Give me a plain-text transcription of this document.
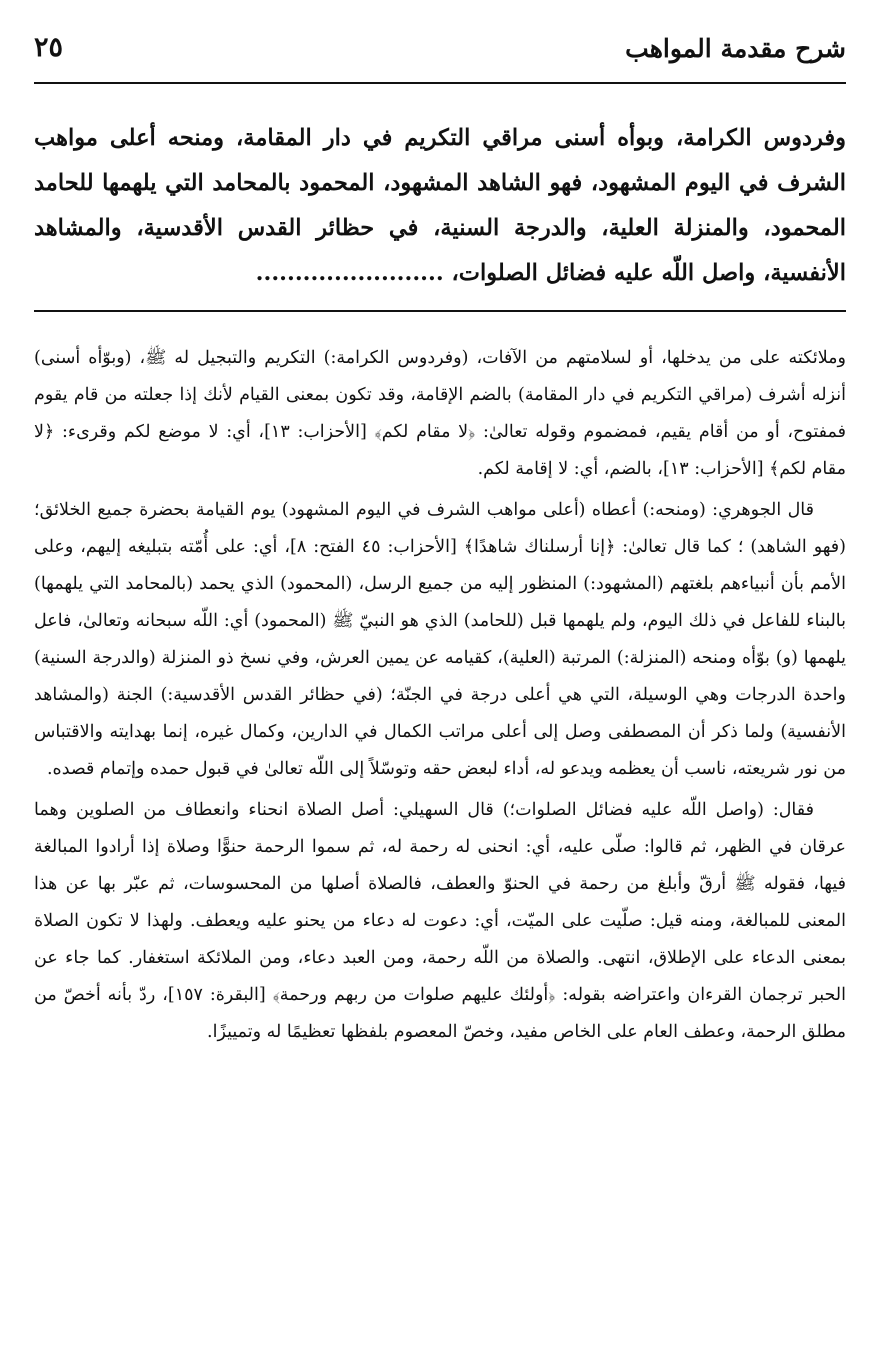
شرح مقدمة المواهب
٢٥

وفردوس الكرامة، وبوأه أسنى مراقي التكريم في دار المقامة، ومنحه أعلى مواهب الشرف في اليوم المشهود، فهو الشاهد المشهود، المحمود بالمحامد التي يلهمها للحامد المحمود، والمنزلة العلية، والدرجة السنية، في حظائر القدس الأقدسية، والمشاهد الأنفسية، واصل اللّه عليه فضائل الصلوات، ........................

وملائكته على من يدخلها، أو لسلامتهم من الآفات، (وفردوس الكرامة:) التكريم والتبجيل له ﷺ، (وبوّأه أسنى) أنزله أشرف (مراقي التكريم في دار المقامة) بالضم الإقامة، وقد تكون بمعنى القيام لأنك إذا جعلته من قام يقوم فمفتوح، أو من أقام يقيم، فمضموم وقوله تعالىٰ: ﴿لا مقام لكم﴾ [الأحزاب: ١٣]، أي: لا موضع لكم وقرىء: ﴿لا مقام لكم﴾ [الأحزاب: ١٣]، بالضم، أي: لا إقامة لكم.

قال الجوهري: (ومنحه:) أعطاه (أعلى مواهب الشرف في اليوم المشهود) يوم القيامة بحضرة جميع الخلائق؛ (فهو الشاهد) ؛ كما قال تعالىٰ: ﴿إنا أرسلناك شاهدًا﴾ [الأحزاب: ٤٥ الفتح: ٨]، أي: على أُمّته بتبليغه إليهم، وعلى الأمم بأن أنبياءهم بلغتهم (المشهود:) المنظور إليه من جميع الرسل، (المحمود) الذي يحمد (بالمحامد التي يلهمها) بالبناء للفاعل في ذلك اليوم، ولم يلهمها قبل (للحامد) الذي هو النبيّ ﷺ (المحمود) أي: اللّه سبحانه وتعالىٰ، فاعل يلهمها (و) بوّأه ومنحه (المنزلة:) المرتبة (العلية)، كقيامه عن يمين العرش، وفي نسخ ذو المنزلة (والدرجة السنية) واحدة الدرجات وهي الوسيلة، التي هي أعلى درجة في الجنّة؛ (في حظائر القدس الأقدسية:) الجنة (والمشاهد الأنفسية) ولما ذكر أن المصطفى وصل إلى أعلى مراتب الكمال في الدارين، وكمال غيره، إنما بهدايته والاقتباس من نور شريعته، ناسب أن يعظمه ويدعو له، أداء لبعض حقه وتوسّلاً إلى اللّه تعالىٰ في قبول حمده وإتمام قصده.

فقال: (واصل اللّه عليه فضائل الصلوات؛) قال السهيلي: أصل الصلاة انحناء وانعطاف من الصلوين وهما عرقان في الظهر، ثم قالوا: صلّى عليه، أي: انحنى له رحمة له، ثم سموا الرحمة حنوًّا وصلاة إذا أرادوا المبالغة فيها، فقوله ﷺ أرقّ وأبلغ من رحمة في الحنوّ والعطف، فالصلاة أصلها من المحسوسات، ثم عبّر بها عن هذا المعنى للمبالغة، ومنه قيل: صلّيت على الميّت، أي: دعوت له دعاء من يحنو عليه ويعطف. ولهذا لا تكون الصلاة بمعنى الدعاء على الإطلاق، انتهى. والصلاة من اللّه رحمة، ومن العبد دعاء، ومن الملائكة استغفار. كما جاء عن الحبر ترجمان القرءان واعتراضه بقوله: ﴿أولئك عليهم صلوات من ربهم ورحمة﴾ [البقرة: ١٥٧]، ردّ بأنه أخصّ من مطلق الرحمة، وعطف العام على الخاص مفيد، وخصّ المعصوم بلفظها تعظيمًا له وتمييزًا.
